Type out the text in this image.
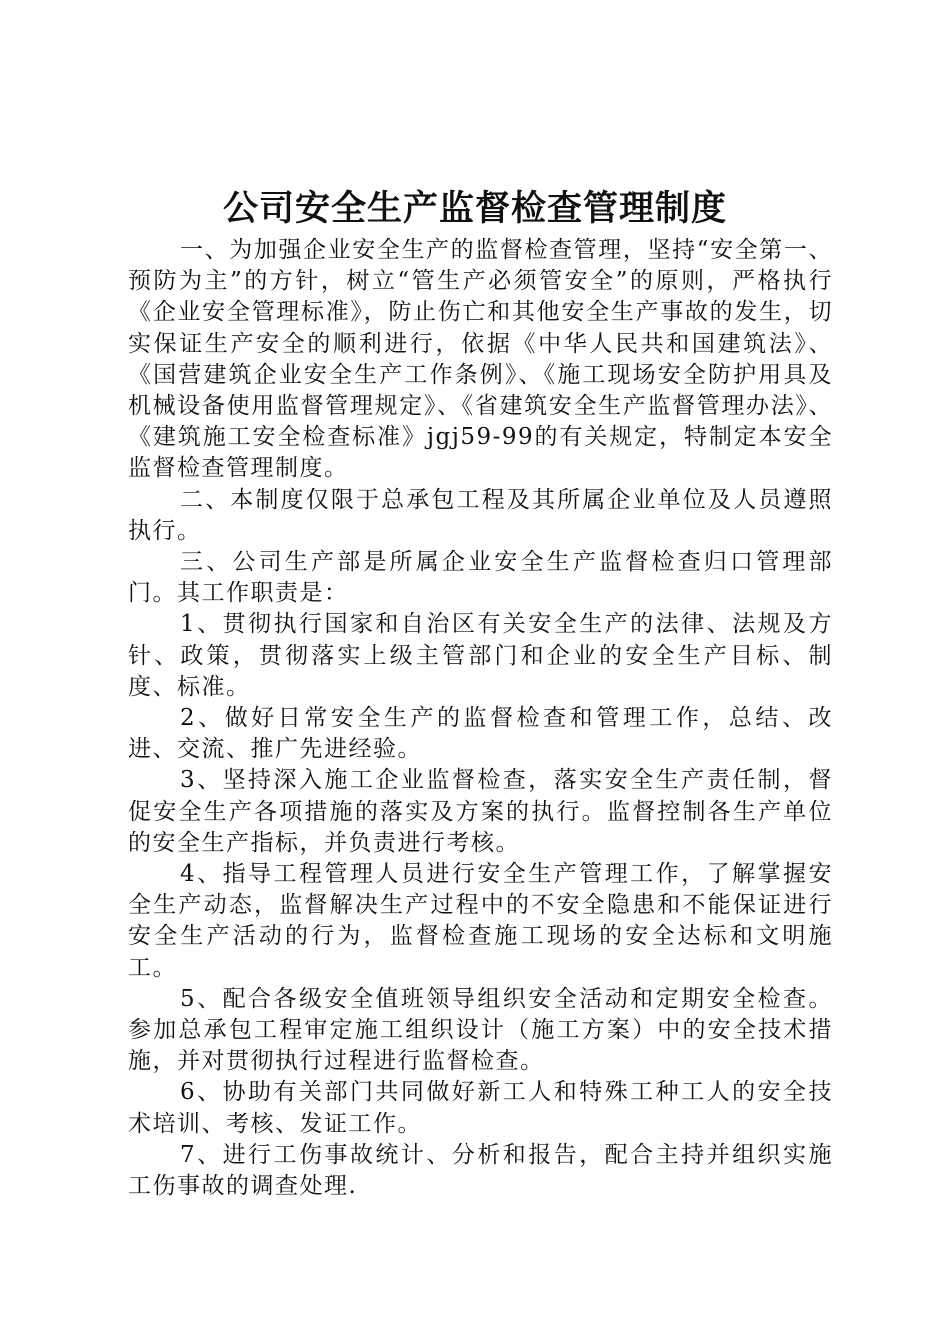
公司安全生产监督检查管理制度

一、为加强企业安全生产的监督检查管理，坚持“安全第一、预防为主”的方针，树立“管生产必须管安全”的原则，严格执行《企业安全管理标准》，防止伤亡和其他安全生产事故的发生，切实保证生产安全的顺利进行，依据《中华人民共和国建筑法》、《国营建筑企业安全生产工作条例》、《施工现场安全防护用具及机械设备使用监督管理规定》、《省建筑安全生产监督管理办法》、《建筑施工安全检查标准》jgj59-99的有关规定，特制定本安全监督检查管理制度。

二、本制度仅限于总承包工程及其所属企业单位及人员遵照执行。

三、公司生产部是所属企业安全生产监督检查归口管理部门。其工作职责是：

1、贯彻执行国家和自治区有关安全生产的法律、法规及方针、政策，贯彻落实上级主管部门和企业的安全生产目标、制度、标准。

2、做好日常安全生产的监督检查和管理工作，总结、改进、交流、推广先进经验。

3、坚持深入施工企业监督检查，落实安全生产责任制，督促安全生产各项措施的落实及方案的执行。监督控制各生产单位的安全生产指标，并负责进行考核。

4、指导工程管理人员进行安全生产管理工作，了解掌握安全生产动态，监督解决生产过程中的不安全隐患和不能保证进行安全生产活动的行为，监督检查施工现场的安全达标和文明施工。

5、配合各级安全值班领导组织安全活动和定期安全检查。参加总承包工程审定施工组织设计（施工方案）中的安全技术措施，并对贯彻执行过程进行监督检查。

6、协助有关部门共同做好新工人和特殊工种工人的安全技术培训、考核、发证工作。

7、进行工伤事故统计、分析和报告，配合主持并组织实施工伤事故的调查处理.
